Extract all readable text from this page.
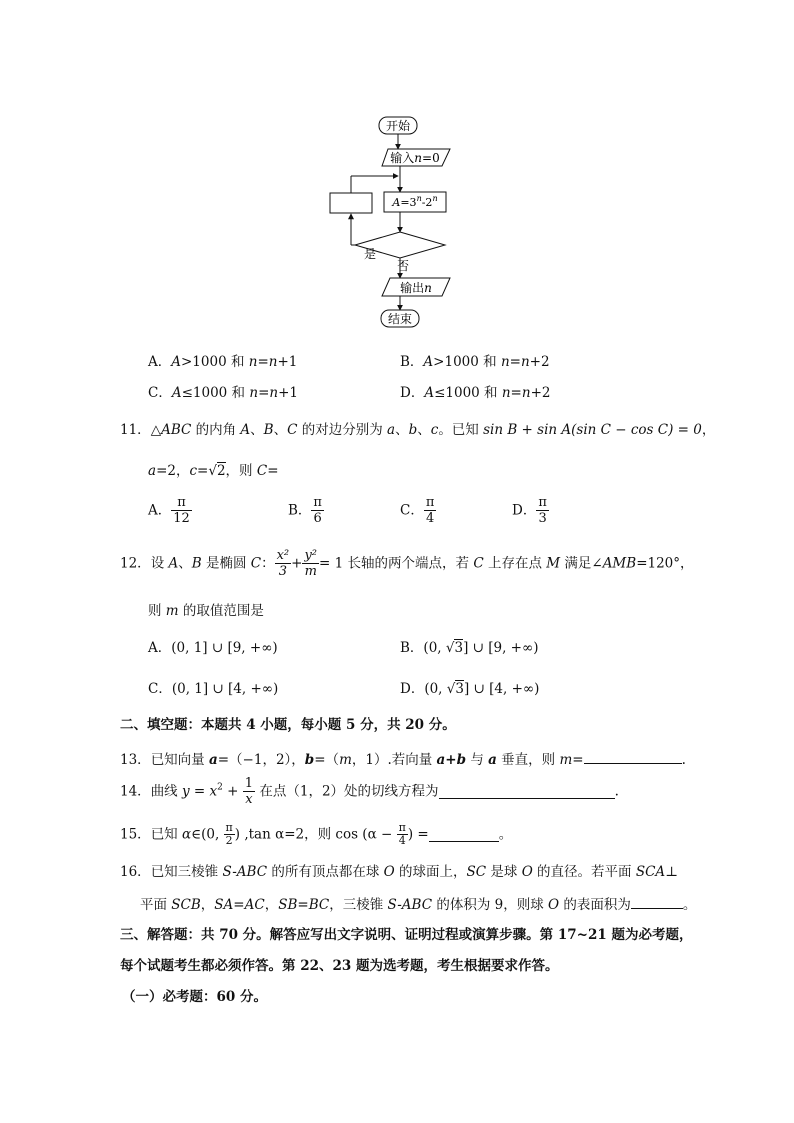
开始
输入n=0
$A=3^n-2^n$
是
否
输出n
结束
A．A>1000 和 n=n+1	B．A>1000 和 n=n+2
C．A≤1000 和 n=n+1	D．A≤1000 和 n=n+2
11．△ABC 的内角 A、B、C 的对边分别为 a、b、c。已知 sin B + sin A(sin C − cos C) = 0，
a=2，c=√2，则 C=
A． $\frac{\pi}{12}$	B． $\frac{\pi}{6}$	C． $\frac{\pi}{4}$	D． $\frac{\pi}{3}$
12．设 A、B 是椭圆 C： $\frac{\text{x²}}{3} + \frac{\text{y²}}{m} = 1$ 长轴的两个端点，若 C 上存在点 M 满足∠AMB=120°，
则 m 的取值范围是
A．(0, 1] ∪ [9, +∞)	B．(0, √3] ∪ [9, +∞)
C．(0, 1] ∪ [4, +∞)	D．(0, √3] ∪ [4, +∞)
二、填空题：本题共 4 小题，每小题 5 分，共 20 分。
13．已知向量 a=（−1，2），b=（m，1）.若向量 a+b 与 a 垂直，则 m=	.
14．曲线 $y = x^2 + \frac{1}{x}$ 在点（1，2）处的切线方程为	.
15．已知 α∈(0, $\frac{\pi}{2}$ ) ,tan α=2，则 $\cos (\alpha - \frac{\pi}{4}$ ) =	。
16．已知三棱锥 S-ABC 的所有顶点都在球 O 的球面上，SC 是球 O 的直径。若平面 SCA⊥
平面 SCB，SA=AC，SB=BC，三棱锥 S-ABC 的体积为 9，则球 O 的表面积为	。
三、解答题：共 70 分。解答应写出文字说明、证明过程或演算步骤。第 17~21 题为必考题，
每个试题考生都必须作答。第 22、23 题为选考题，考生根据要求作答。
（一）必考题：60 分。
